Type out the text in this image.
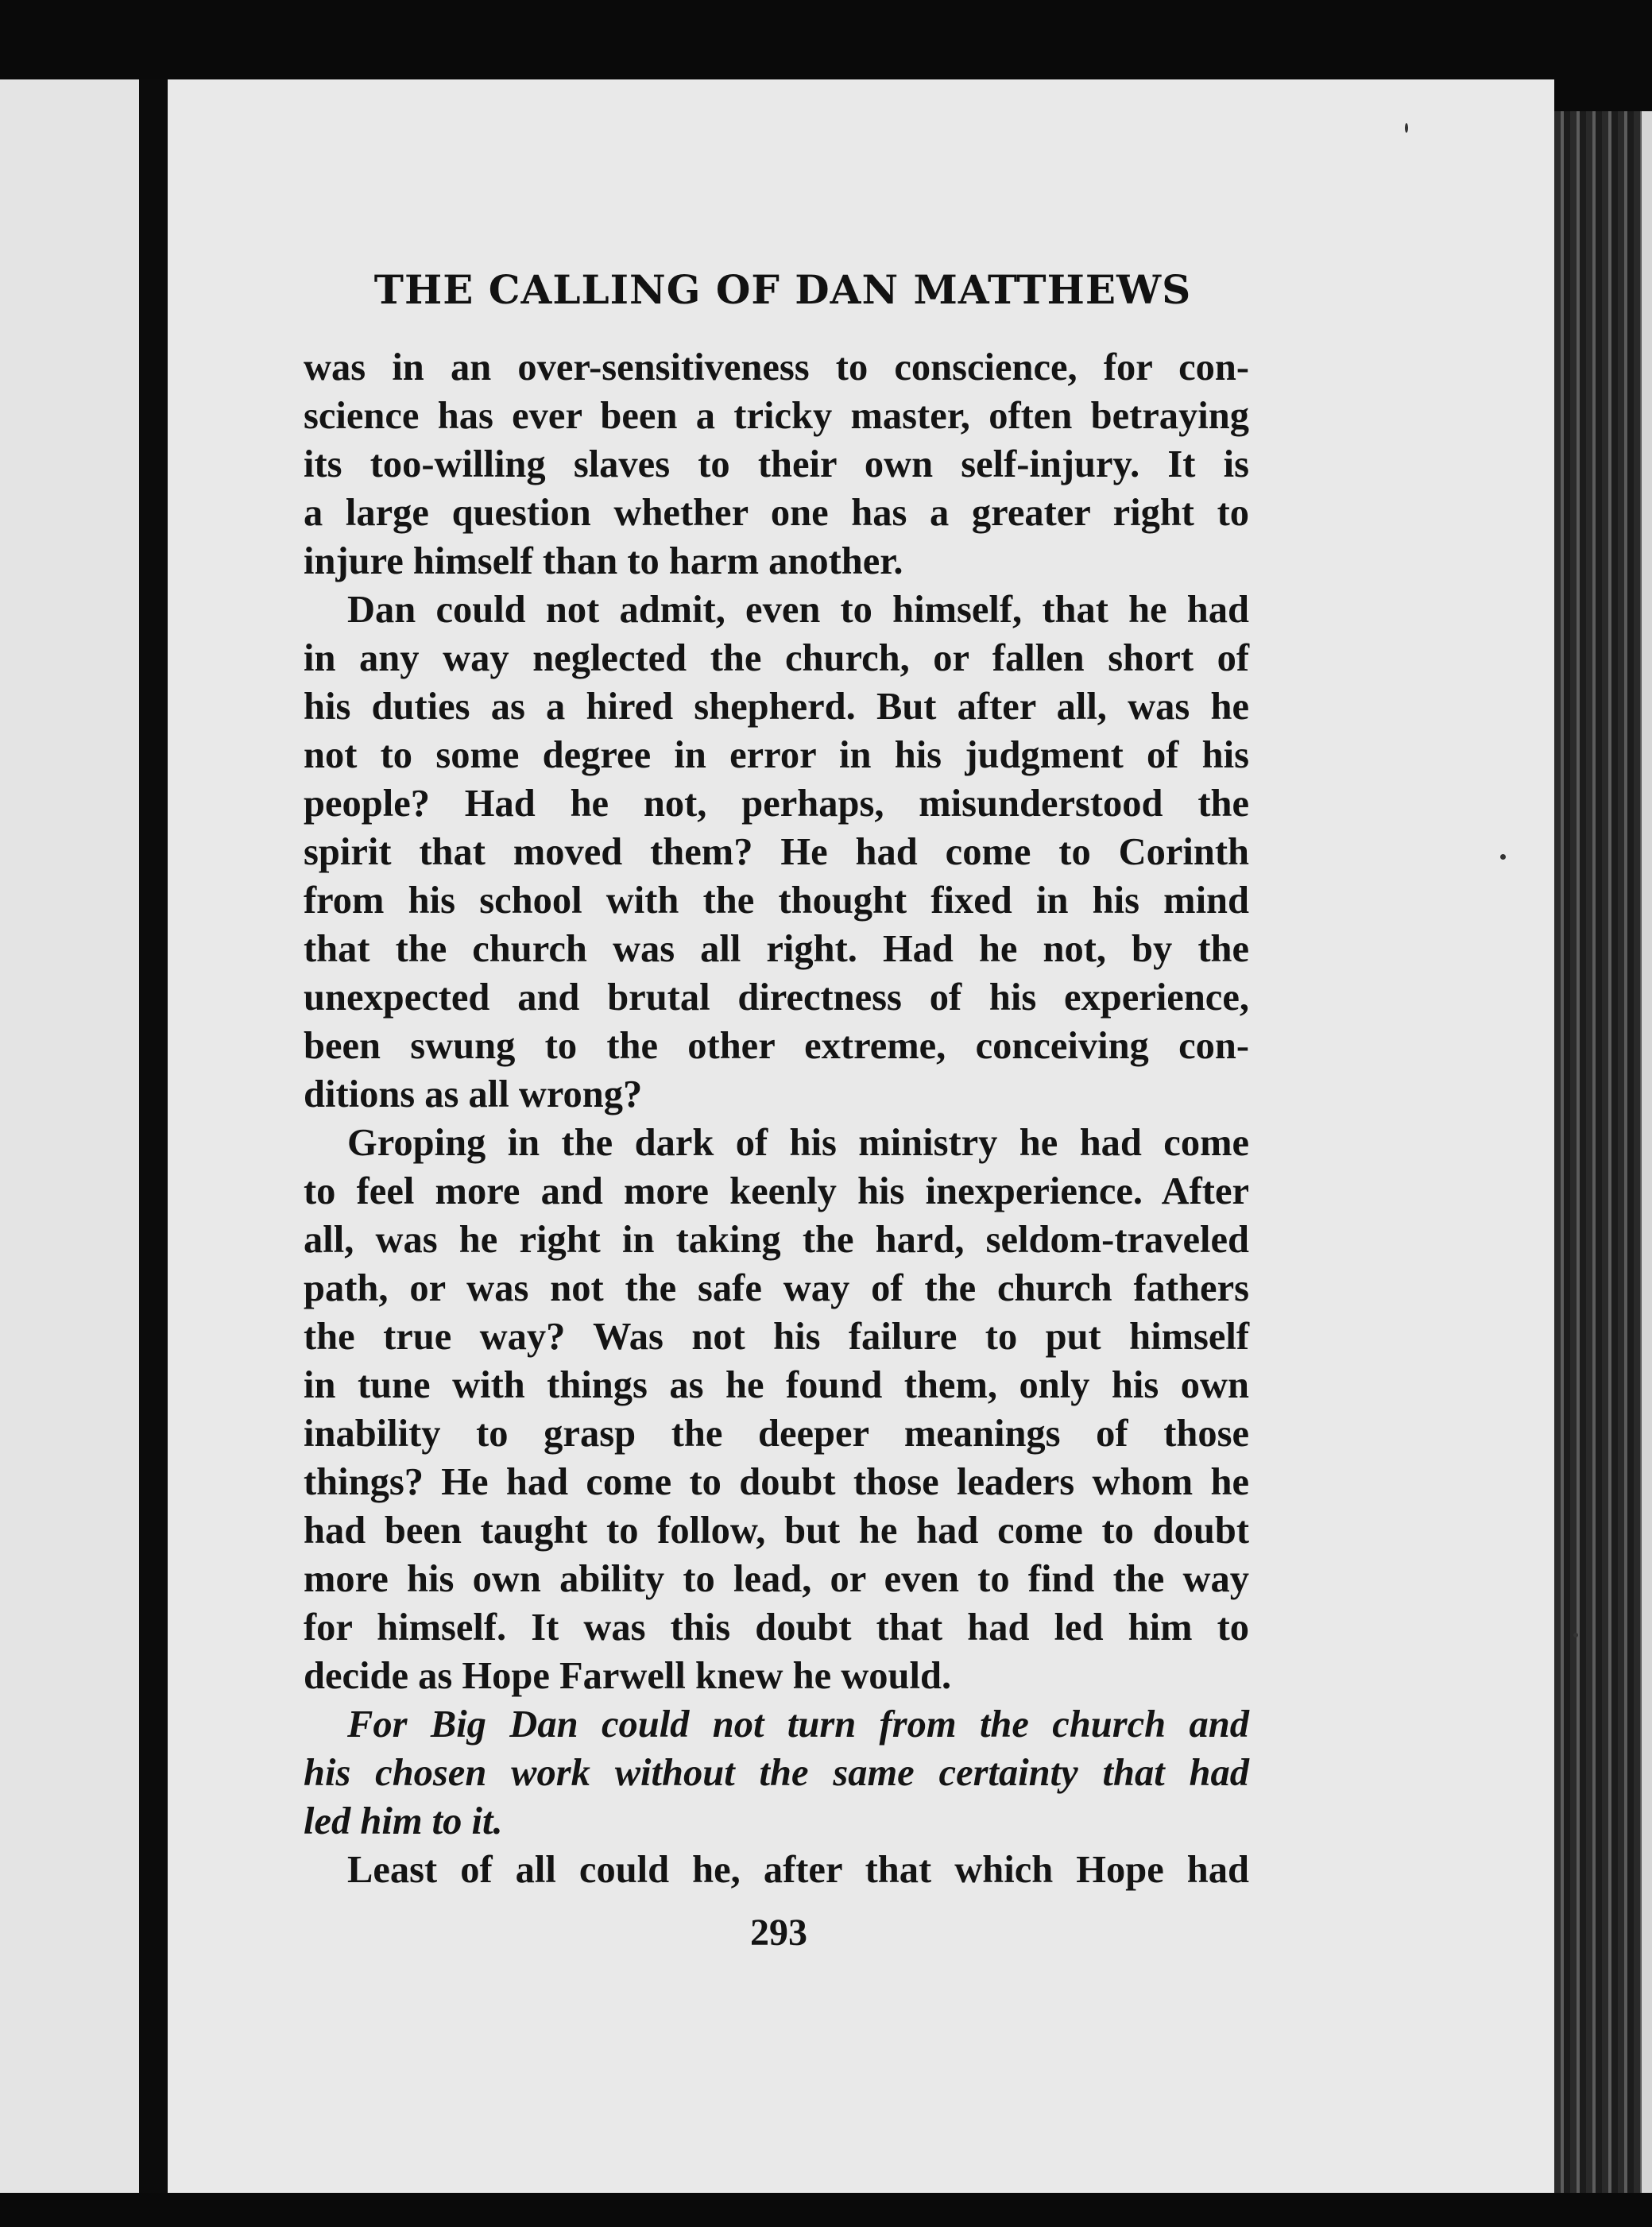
THE CALLING OF DAN MATTHEWS
was in an over-sensitiveness to conscience, for con-
science has ever been a tricky master, often betraying
its too-willing slaves to their own self-injury. It is
a large question whether one has a greater right to
injure himself than to harm another.
Dan could not admit, even to himself, that he had
in any way neglected the church, or fallen short of
his duties as a hired shepherd. But after all, was he
not to some degree in error in his judgment of his
people? Had he not, perhaps, misunderstood the
spirit that moved them? He had come to Corinth
from his school with the thought fixed in his mind
that the church was all right. Had he not, by the
unexpected and brutal directness of his experience,
been swung to the other extreme, conceiving con-
ditions as all wrong?
Groping in the dark of his ministry he had come
to feel more and more keenly his inexperience. After
all, was he right in taking the hard, seldom-traveled
path, or was not the safe way of the church fathers
the true way? Was not his failure to put himself
in tune with things as he found them, only his own
inability to grasp the deeper meanings of those
things? He had come to doubt those leaders whom he
had been taught to follow, but he had come to doubt
more his own ability to lead, or even to find the way
for himself. It was this doubt that had led him to
decide as Hope Farwell knew he would.
For Big Dan could not turn from the church and
his chosen work without the same certainty that had
led him to it.
Least of all could he, after that which Hope had
293
